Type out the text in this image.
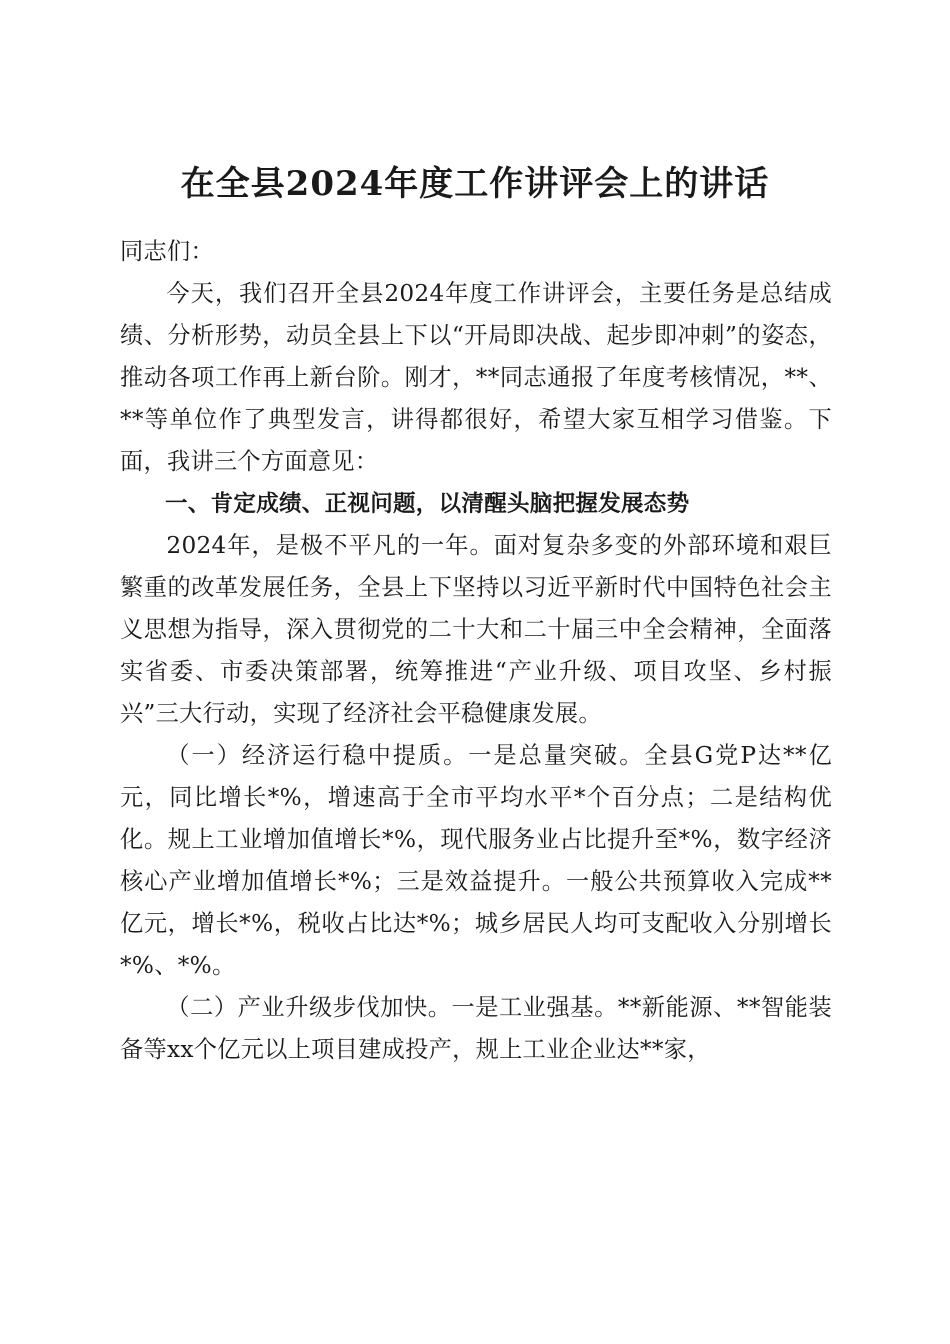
在全县2024年度工作讲评会上的讲话

同志们：

今天，我们召开全县2024年度工作讲评会，主要任务是总结成绩、分析形势，动员全县上下以“开局即决战、起步即冲刺”的姿态，推动各项工作再上新台阶。刚才，**同志通报了年度考核情况，**、**等单位作了典型发言，讲得都很好，希望大家互相学习借鉴。下面，我讲三个方面意见：

一、肯定成绩、正视问题，以清醒头脑把握发展态势

2024年，是极不平凡的一年。面对复杂多变的外部环境和艰巨繁重的改革发展任务，全县上下坚持以习近平新时代中国特色社会主义思想为指导，深入贯彻党的二十大和二十届三中全会精神，全面落实省委、市委决策部署，统筹推进“产业升级、项目攻坚、乡村振兴”三大行动，实现了经济社会平稳健康发展。

（一）经济运行稳中提质。一是总量突破。全县G党P达**亿元，同比增长*%，增速高于全市平均水平*个百分点；二是结构优化。规上工业增加值增长*%，现代服务业占比提升至*%，数字经济核心产业增加值增长*%；三是效益提升。一般公共预算收入完成**亿元，增长*%，税收占比达*%；城乡居民人均可支配收入分别增长*%、*%。

（二）产业升级步伐加快。一是工业强基。**新能源、**智能装备等xx个亿元以上项目建成投产，规上工业企业达**家，
